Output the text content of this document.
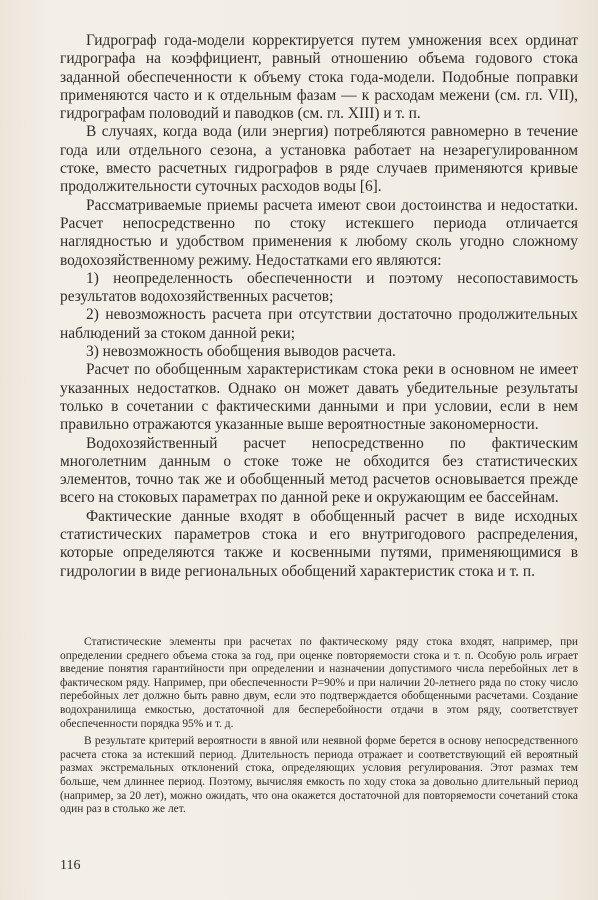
Гидрограф года-модели корректируется путем умножения всех ординат гидрографа на коэффициент, равный отношению объема годового стока заданной обеспеченности к объему стока года-модели. Подобные поправки применяются часто и к отдельным фазам — к расходам межени (см. гл. VII), гидрографам половодий и паводков (см. гл. XIII) и т. п.

В случаях, когда вода (или энергия) потребляются равномерно в течение года или отдельного сезона, а установка работает на незарегулированном стоке, вместо расчетных гидрографов в ряде случаев применяются кривые продолжительности суточных расходов воды [6].

Рассматриваемые приемы расчета имеют свои достоинства и недостатки. Расчет непосредственно по стоку истекшего периода отличается наглядностью и удобством применения к любому сколь угодно сложному водохозяйственному режиму. Недостатками его являются:

1) неопределенность обеспеченности и поэтому несопоставимость результатов водохозяйственных расчетов;

2) невозможность расчета при отсутствии достаточно продолжительных наблюдений за стоком данной реки;

3) невозможность обобщения выводов расчета.

Расчет по обобщенным характеристикам стока реки в основном не имеет указанных недостатков. Однако он может давать убедительные результаты только в сочетании с фактическими данными и при условии, если в нем правильно отражаются указанные выше вероятностные закономерности.

Водохозяйственный расчет непосредственно по фактическим многолетним данным о стоке тоже не обходится без статистических элементов, точно так же и обобщенный метод расчетов основывается прежде всего на стоковых параметрах по данной реке и окружающим ее бассейнам.

Фактические данные входят в обобщенный расчет в виде исходных статистических параметров стока и его внутригодового распределения, которые определяются также и косвенными путями, применяющимися в гидрологии в виде региональных обобщений характеристик стока и т. п.

Статистические элементы при расчетах по фактическому ряду стока входят, например, при определении среднего объема стока за год, при оценке повторяемости стока и т. п. Особую роль играет введение понятия гарантийности при определении и назначении допустимого числа перебойных лет в фактическом ряду. Например, при обеспеченности P=90% и при наличии 20-летнего ряда по стоку число перебойных лет должно быть равно двум, если это подтверждается обобщенными расчетами. Создание водохранилища емкостью, достаточной для бесперебойности отдачи в этом ряду, соответствует обеспеченности порядка 95% и т. д.

В результате критерий вероятности в явной или неявной форме берется в основу непосредственного расчета стока за истекший период. Длительность периода отражает и соответствующий ей вероятный размах экстремальных отклонений стока, определяющих условия регулирования. Этот размах тем больше, чем длиннее период. Поэтому, вычисляя емкость по ходу стока за довольно длительный период (например, за 20 лет), можно ожидать, что она окажется достаточной для повторяемости сочетаний стока один раз в столько же лет.

116
